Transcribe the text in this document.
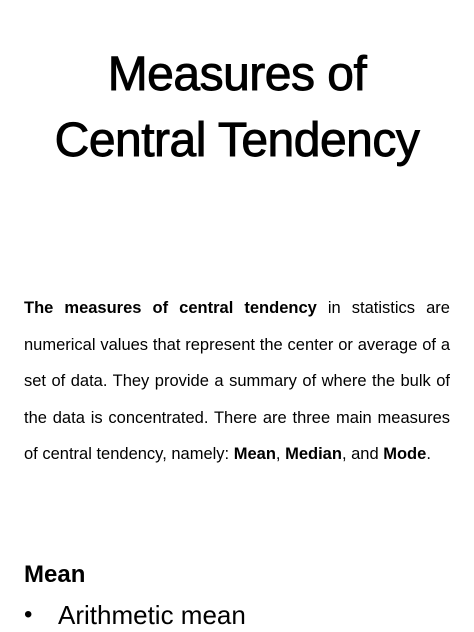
Measures of
Central Tendency

The measures of central tendency in statistics are numerical values that represent the center or average of a set of data. They provide a summary of where the bulk of the data is concentrated. There are three main measures of central tendency, namely: Mean, Median, and Mode.

Mean
• Arithmetic mean
